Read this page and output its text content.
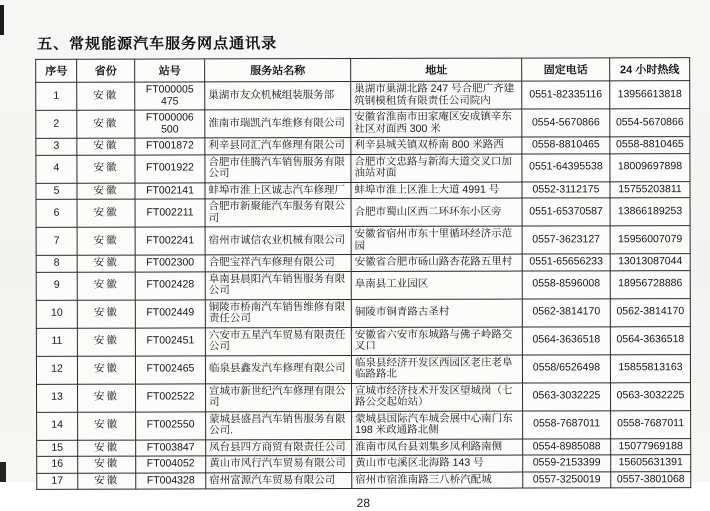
五、常规能源汽车服务网点通讯录
序号	省份	站号	服务站名称	地址	固定电话	24 小时热线
1	安徽	FT000005 475	巢湖市友众机械组装服务部	巢湖市巢湖北路 247 号合肥广齐建筑钢模租赁有限责任公司院内	0551-82335116	13956613818
2	安徽	FT000006 500	淮南市瑞凯汽车维修有限公司	安徽省淮南市田家庵区安成镇辛东社区对面西 300 米	0554-5670866	0554-5670866
3	安徽	FT001872	利辛县同汇汽车修理有限公司	利辛县城关镇双桥南 800 米路西	0558-8810465	0558-8810465
4	安徽	FT001922	合肥市佳腾汽车销售服务有限公司	合肥市文忠路与新海大道交叉口加油站对面	0551-64395538	18009697898
5	安徽	FT002141	蚌埠市淮上区诚志汽车修理厂	蚌埠市淮上区淮上大道 4991 号	0552-3112175	15755203811
6	安徽	FT002211	合肥市新聚能汽车服务有限公司	合肥市蜀山区西二环环东小区旁	0551-65370587	13866189253
7	安徽	FT002241	宿州市诚信农业机械有限公司	安徽省宿州市东十里循环经济示范园	0557-3623127	15956007079
8	安徽	FT002300	合肥宝祥汽车修理有限公司	安徽省合肥市砀山路杏花路五里村	0551-65656233	13013087044
9	安徽	FT002428	阜南县晨阳汽车销售服务有限公司	阜南县工业园区	0558-8596008	18956728886
10	安徽	FT002449	铜陵市桥南汽车销售维修有限责任公司	铜陵市铜青路古圣村	0562-3814170	0562-3814170
11	安徽	FT002451	六安市五星汽车贸易有限责任公司	安徽省六安市东城路与佛子岭路交叉口	0564-3636518	0564-3636518
12	安徽	FT002465	临泉县鑫发汽车修理有限公司	临泉县经济开发区西园区老庄老阜临路路北	0558/6526498	15855813163
13	安徽	FT002522	宣城市新世纪汽车修理有限公司	宣城市经济技术开发区望城岗（七路公交起始站）	0563-3032225	0563-3032225
14	安徽	FT002550	蒙城县盛昌汽车销售服务有限公司.	蒙城县国际汽车城会展中心南门东 198 米政通路北侧	0558-7687011	0558-7687011
15	安徽	FT003847	凤台县四方商贸有限责任公司	淮南市凤台县刘集乡凤利路南侧	0554-8985088	15077969188
16	安徽	FT004052	黄山市风行汽车贸易有限公司	黄山市屯溪区北海路 143 号	0559-2153399	15605631391
17	安徽	FT004328	宿州富源汽车贸易有限公司	宿州市宿淮南路三八桥汽配城	0557-3250019	0557-3801068
28
